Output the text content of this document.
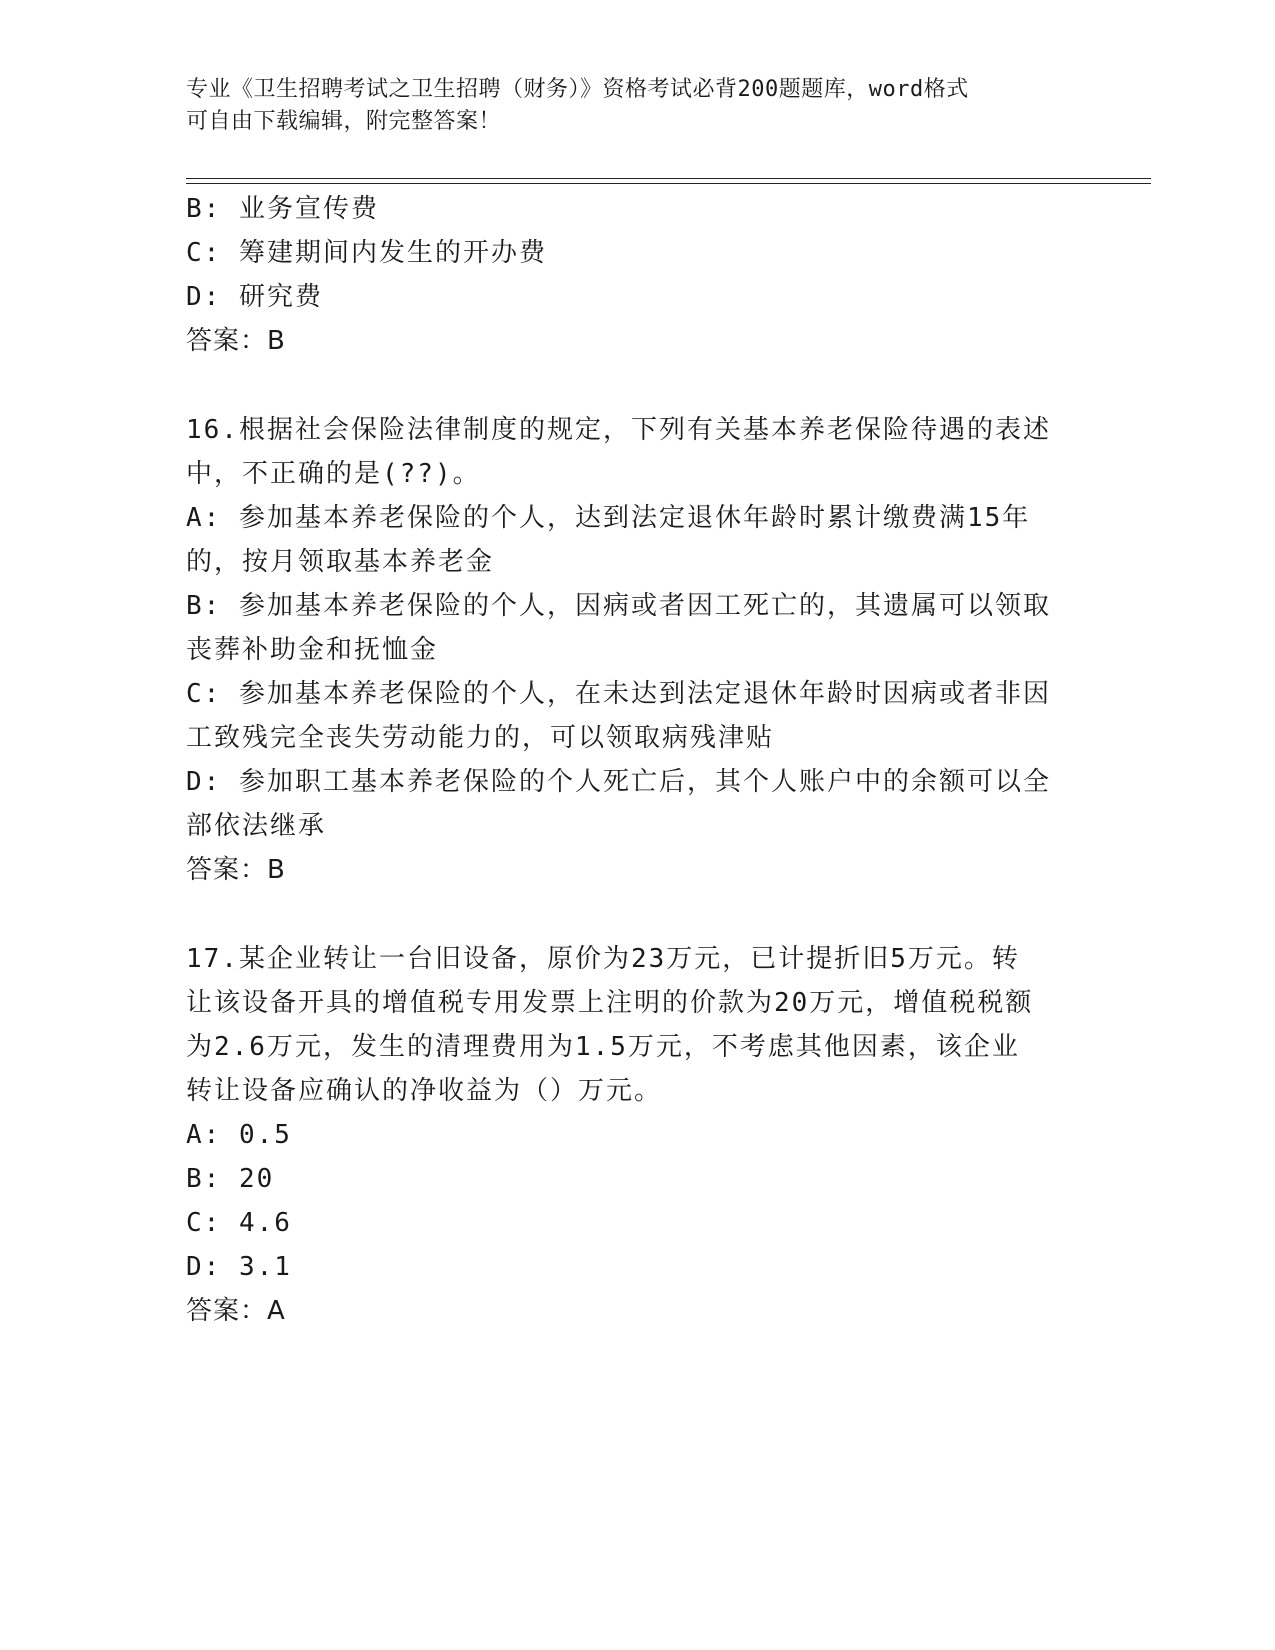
专业《卫生招聘考试之卫生招聘（财务）》资格考试必背200题题库，word格式
可自由下载编辑，附完整答案！
B: 业务宣传费
C: 筹建期间内发生的开办费
D: 研究费
答案：B
16.根据社会保险法律制度的规定，下列有关基本养老保险待遇的表述
中，不正确的是(??)。
A: 参加基本养老保险的个人，达到法定退休年龄时累计缴费满15年
的，按月领取基本养老金
B: 参加基本养老保险的个人，因病或者因工死亡的，其遗属可以领取
丧葬补助金和抚恤金
C: 参加基本养老保险的个人，在未达到法定退休年龄时因病或者非因
工致残完全丧失劳动能力的，可以领取病残津贴
D: 参加职工基本养老保险的个人死亡后，其个人账户中的余额可以全
部依法继承
答案：B
17.某企业转让一台旧设备，原价为23万元，已计提折旧5万元。转
让该设备开具的增值税专用发票上注明的价款为20万元，增值税税额
为2.6万元，发生的清理费用为1.5万元，不考虑其他因素，该企业
转让设备应确认的净收益为（）万元。
A: 0.5
B: 20
C: 4.6
D: 3.1
答案：A
